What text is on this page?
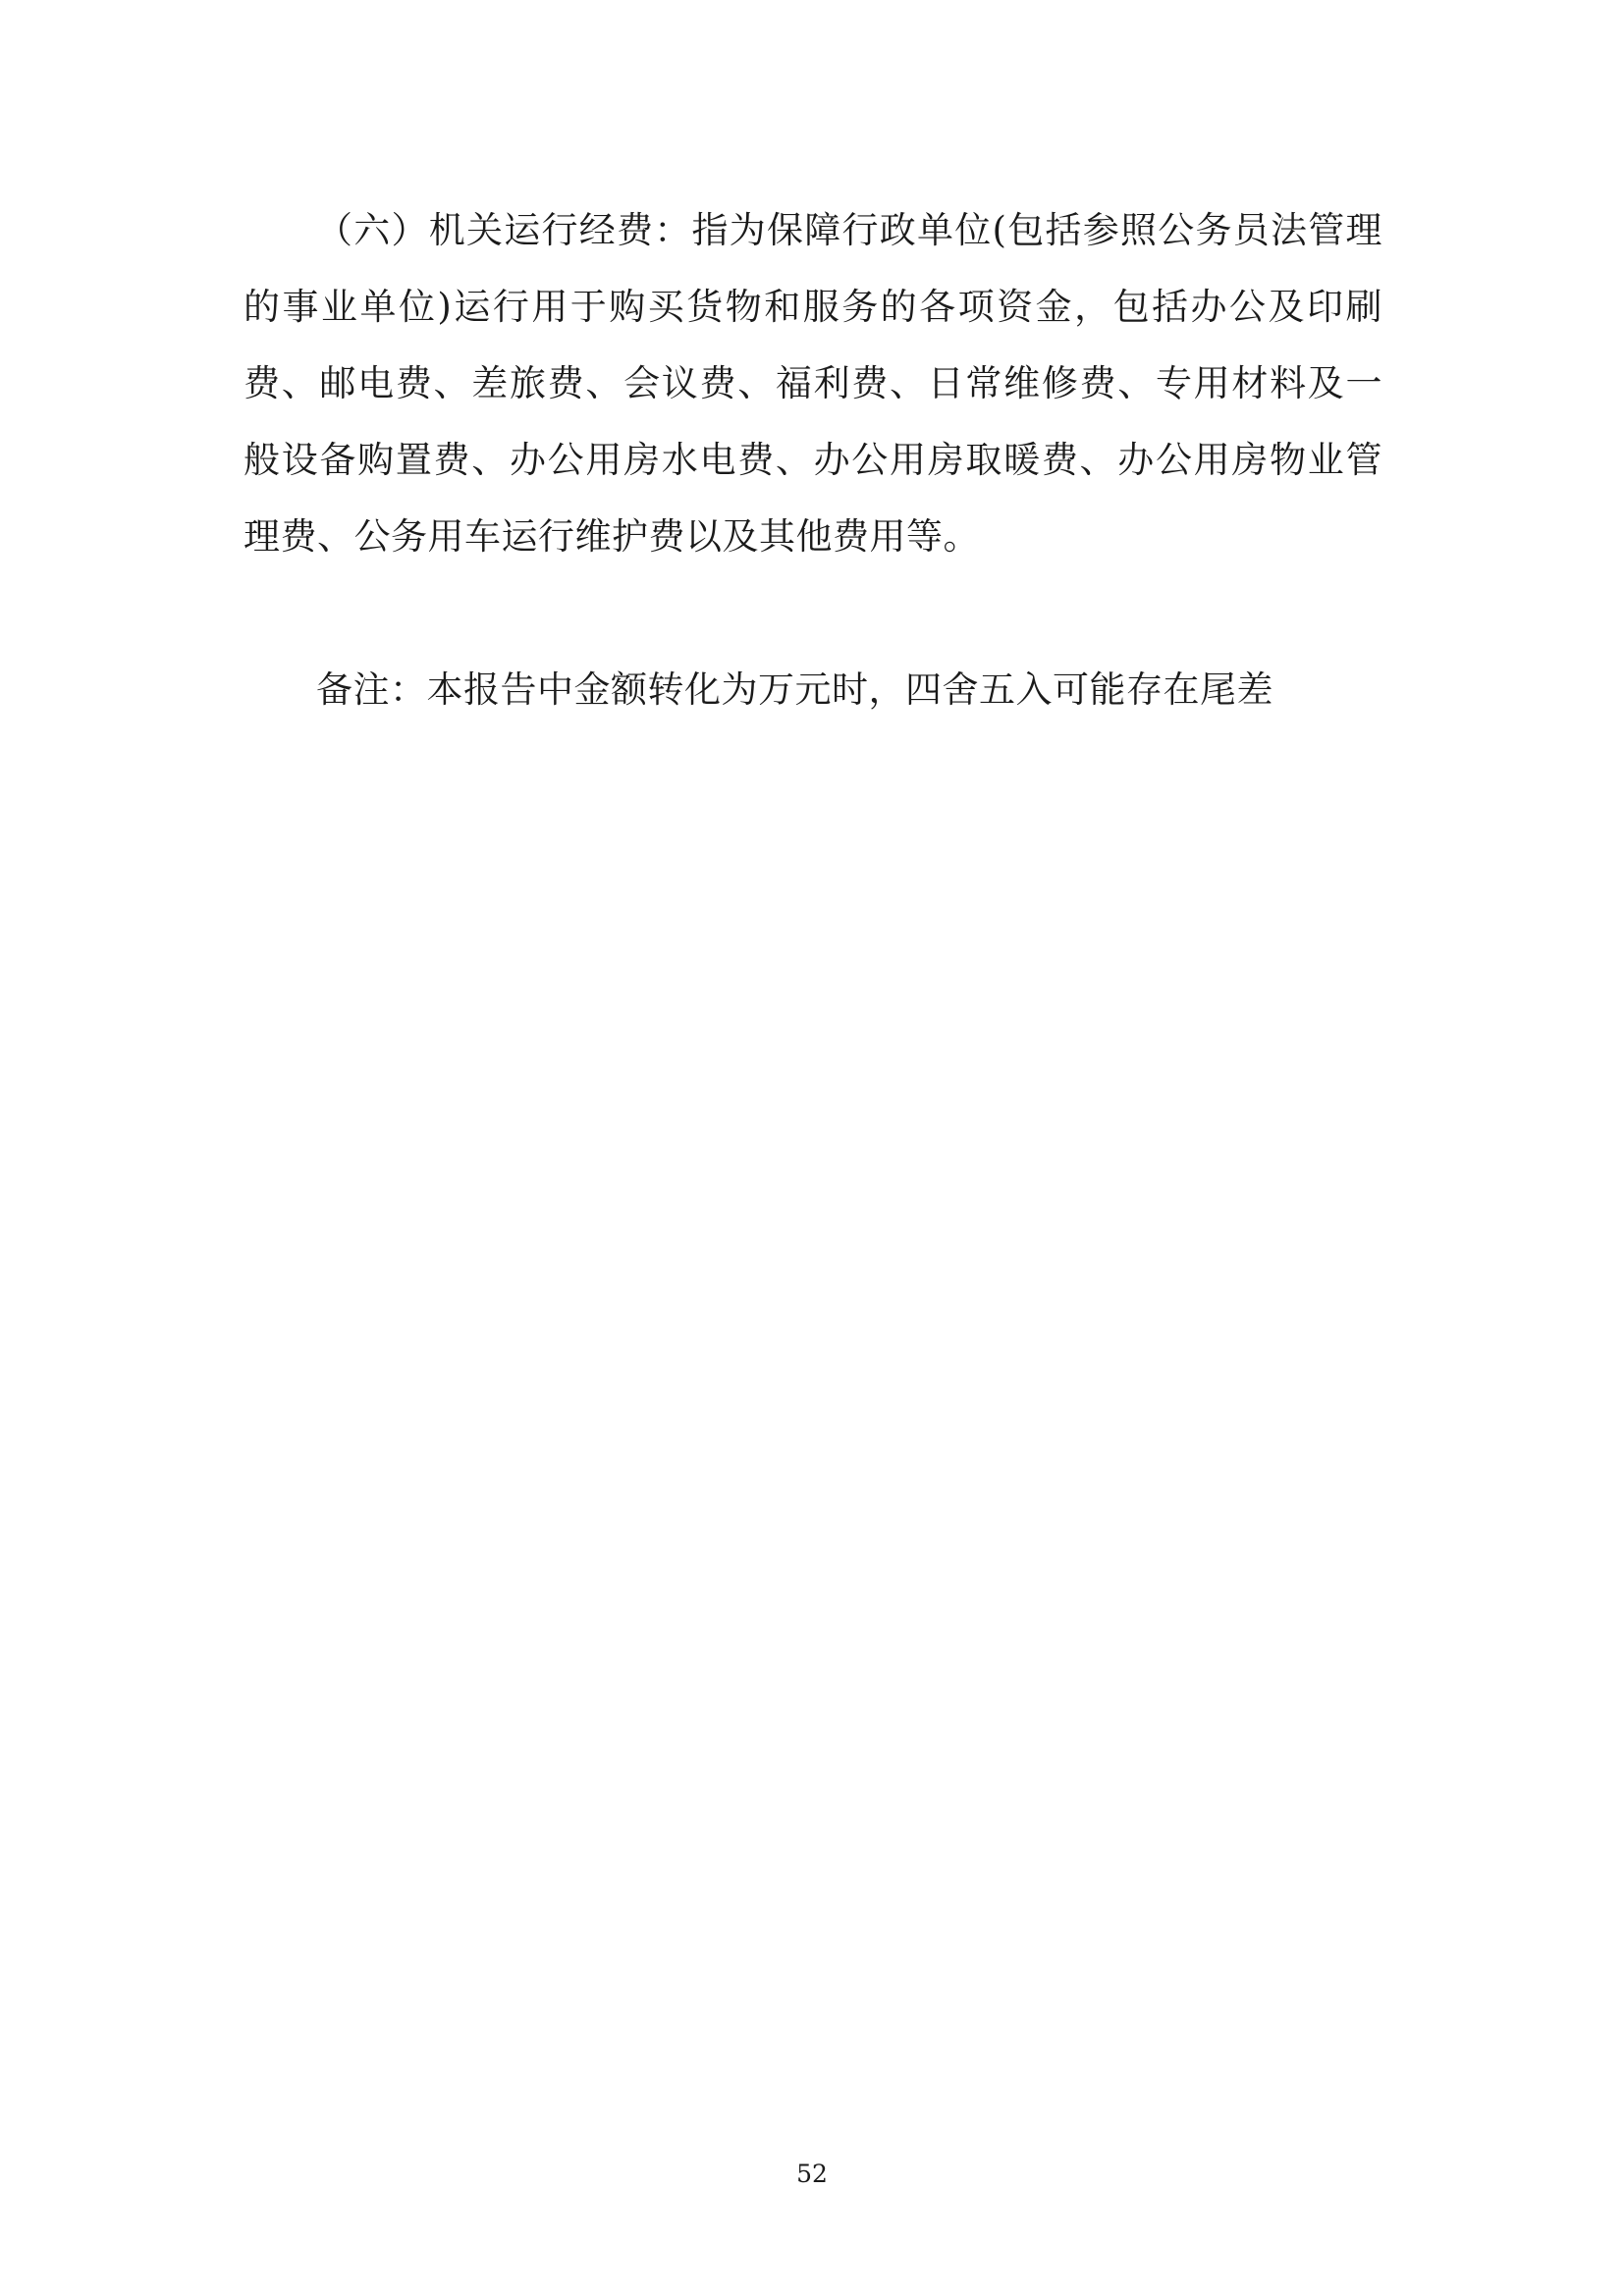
（六）机关运行经费：指为保障行政单位(包括参照公务员法管理的事业单位)运行用于购买货物和服务的各项资金，包括办公及印刷费、邮电费、差旅费、会议费、福利费、日常维修费、专用材料及一般设备购置费、办公用房水电费、办公用房取暖费、办公用房物业管理费、公务用车运行维护费以及其他费用等。

备注：本报告中金额转化为万元时，四舍五入可能存在尾差

52
